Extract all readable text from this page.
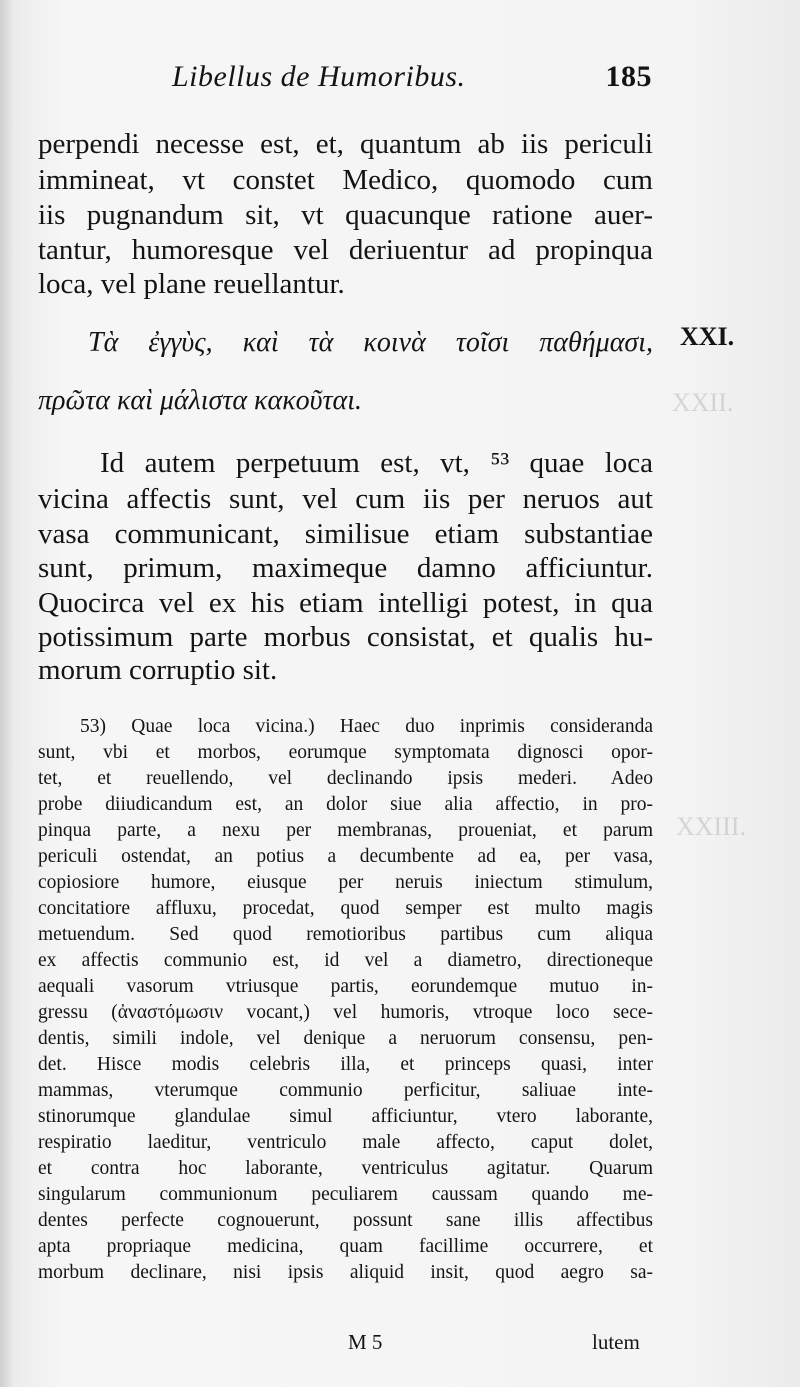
XXII.
XXIII.
Libellus de Humoribus.	185
perpendi necesse est, et, quantum ab iis periculi
immineat, vt constet Medico, quomodo cum
iis pugnandum sit, vt quacunque ratione auer-
tantur, humoresque vel deriuentur ad propinqua
loca, vel plane reuellantur.
Τὰ ἐγγὺς, καὶ τὰ κοινὰ τοῖσι παθήμασι,
πρῶτα καὶ μάλιστα κακοῦται.
XXI.
Id autem perpetuum est, vt, ⁵³ quae loca
vicina affectis sunt, vel cum iis per neruos aut
vasa communicant, similisue etiam substantiae
sunt, primum, maximeque damno afficiuntur.
Quocirca vel ex his etiam intelligi potest, in qua
potissimum parte morbus consistat, et qualis hu-
morum corruptio sit.
53) Quae loca vicina.) Haec duo inprimis consideranda
sunt, vbi et morbos, eorumque symptomata dignosci opor-
tet, et reuellendo, vel declinando ipsis mederi. Adeo
probe diiudicandum est, an dolor siue alia affectio, in pro-
pinqua parte, a nexu per membranas, proueniat, et parum
periculi ostendat, an potius a decumbente ad ea, per vasa,
copiosiore humore, eiusque per neruis iniectum stimulum,
concitatiore affluxu, procedat, quod semper est multo magis
metuendum. Sed quod remotioribus partibus cum aliqua
ex affectis communio est, id vel a diametro, directioneque
aequali vasorum vtriusque partis, eorundemque mutuo in-
gressu (ἀναστόμωσιν vocant,) vel humoris, vtroque loco sece-
dentis, simili indole, vel denique a neruorum consensu, pen-
det. Hisce modis celebris illa, et princeps quasi, inter
mammas, vterumque communio perficitur, saliuae inte-
stinorumque glandulae simul afficiuntur, vtero laborante,
respiratio laeditur, ventriculo male affecto, caput dolet,
et contra hoc laborante, ventriculus agitatur. Quarum
singularum communionum peculiarem caussam quando me-
dentes perfecte cognouerunt, possunt sane illis affectibus
apta propriaque medicina, quam facillime occurrere, et
morbum declinare, nisi ipsis aliquid insit, quod aegro sa-
M 5	lutem
